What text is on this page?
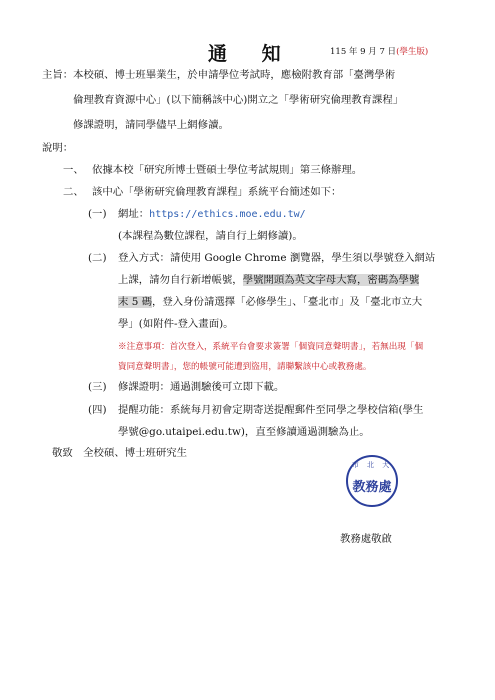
通 知	115 年 9 月 7 日(學生版)
主旨： 本校碩、博士班畢業生，於申請學位考試時，應檢附教育部「臺灣學術
倫理教育資源中心」(以下簡稱該中心)開立之「學術研究倫理教育課程」
修課證明，請同學儘早上網修讀。
說明：
一、 依據本校「研究所博士暨碩士學位考試規則」第三條辦理。
二、 該中心「學術研究倫理教育課程」系統平台簡述如下：
(一) 網址：https://ethics.moe.edu.tw/
(本課程為數位課程，請自行上網修讀)。
(二) 登入方式：請使用 Google Chrome 瀏覽器，學生須以學號登入網站
上課，請勿自行新增帳號，學號開頭為英文字母大寫，密碼為學號
末 5 碼，登入身份請選擇「必修學生」、「臺北市」及「臺北市立大
學」(如附件-登入畫面)。
※注意事項：首次登入，系統平台會要求簽署「個資同意聲明書」，若無出現「個
資同意聲明書」，您的帳號可能遭到盜用，請聯繫該中心或教務處。
(三) 修課證明：通過測驗後可立即下載。
(四) 提醒功能：系統每月初會定期寄送提醒郵件至同學之學校信箱(學生
學號@go.utaipei.edu.tw)，直至修讀通過測驗為止。
敬致　全校碩、博士班研究生
市 北 大
教務處
教務處敬啟
